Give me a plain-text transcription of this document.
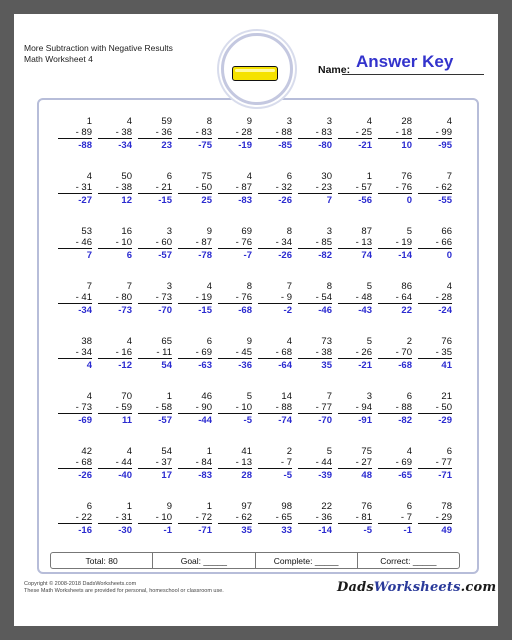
More Subtraction with Negative Results
Math Worksheet 4
Name: Answer Key
1
- 89
-88
4
- 38
-34
59
- 36
23
8
- 83
-75
9
- 28
-19
3
- 88
-85
3
- 83
-80
4
- 25
-21
28
- 18
10
4
- 99
-95
4
- 31
-27
50
- 38
12
6
- 21
-15
75
- 50
25
4
- 87
-83
6
- 32
-26
30
- 23
7
1
- 57
-56
76
- 76
0
7
- 62
-55
53
- 46
7
16
- 10
6
3
- 60
-57
9
- 87
-78
69
- 76
-7
8
- 34
-26
3
- 85
-82
87
- 13
74
5
- 19
-14
66
- 66
0
7
- 41
-34
7
- 80
-73
3
- 73
-70
4
- 19
-15
8
- 76
-68
7
- 9
-2
8
- 54
-46
5
- 48
-43
86
- 64
22
4
- 28
-24
38
- 34
4
4
- 16
-12
65
- 11
54
6
- 69
-63
9
- 45
-36
4
- 68
-64
73
- 38
35
5
- 26
-21
2
- 70
-68
76
- 35
41
4
- 73
-69
70
- 59
11
1
- 58
-57
46
- 90
-44
5
- 10
-5
14
- 88
-74
7
- 77
-70
3
- 94
-91
6
- 88
-82
21
- 50
-29
42
- 68
-26
4
- 44
-40
54
- 37
17
1
- 84
-83
41
- 13
28
2
- 7
-5
5
- 44
-39
75
- 27
48
4
- 69
-65
6
- 77
-71
6
- 22
-16
1
- 31
-30
9
- 10
-1
1
- 72
-71
97
- 62
35
98
- 65
33
22
- 36
-14
76
- 81
-5
6
- 7
-1
78
- 29
49
Total: 80	Goal: _____	Complete: _____	Correct: _____
Copyright © 2008-2018 DadsWorksheets.com
These Math Worksheets are provided for personal, homeschool or classroom use.	DadsWorksheets.com
